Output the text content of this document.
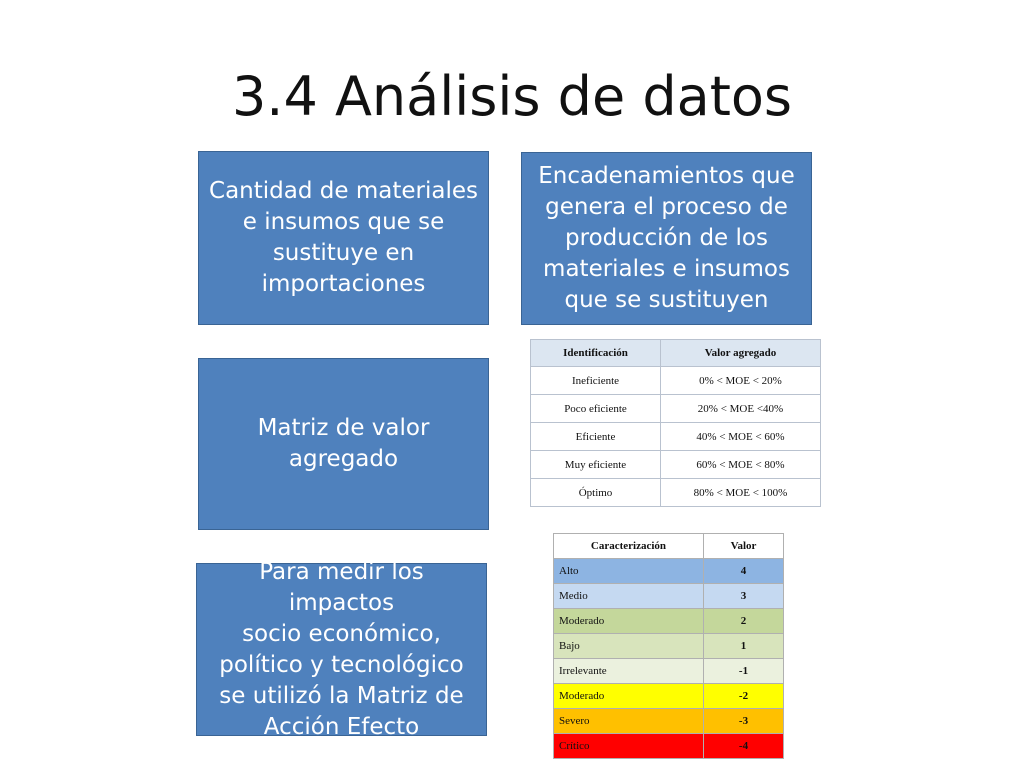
3.4 Análisis de datos
Cantidad de materiales
e insumos que se
sustituye en
importaciones
Encadenamientos que
genera el proceso de
producción de los
materiales e insumos
que se sustituyen
Matriz de valor
agregado
Para medir los impactos
socio económico,
político y tecnológico
se utilizó la Matriz de
Acción Efecto
Identificación	Valor agregado
Ineficiente	0% < MOE < 20%
Poco eficiente	20% < MOE <40%
Eficiente	40% < MOE < 60%
Muy eficiente	60% < MOE < 80%
Óptimo	80% < MOE < 100%
Caracterización	Valor
Alto	4
Medio	3
Moderado	2
Bajo	1
Irrelevante	-1
Moderado	-2
Severo	-3
Crítico	-4
